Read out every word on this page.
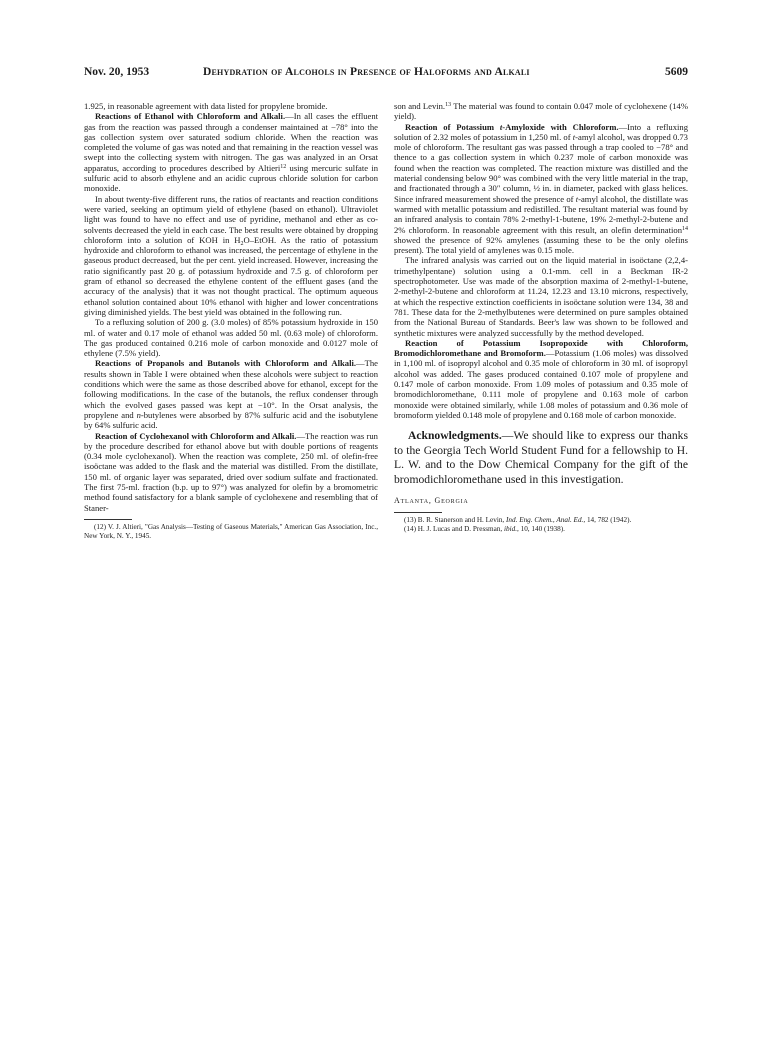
Nov. 20, 1953	Dehydration of Alcohols in Presence of Haloforms and Alkali	5609

1.925, in reasonable agreement with data listed for propylene bromide.

Reactions of Ethanol with Chloroform and Alkali.—In all cases the effluent gas from the reaction was passed through a condenser maintained at −78° into the gas collection system over saturated sodium chloride. When the reaction was completed the volume of gas was noted and that remaining in the reaction vessel was swept into the collecting system with nitrogen. The gas was analyzed in an Orsat apparatus, according to procedures described by Altieri$^{12}$ using mercuric sulfate in sulfuric acid to absorb ethylene and an acidic cuprous chloride solution for carbon monoxide.

In about twenty-five different runs, the ratios of reactants and reaction conditions were varied, seeking an optimum yield of ethylene (based on ethanol). Ultraviolet light was found to have no effect and use of pyridine, methanol and ether as co-solvents decreased the yield in each case. The best results were obtained by dropping chloroform into a solution of KOH in $H_2O$–EtOH. As the ratio of potassium hydroxide and chloroform to ethanol was increased, the percentage of ethylene in the gaseous product decreased, but the per cent. yield increased. However, increasing the ratio significantly past 20 g. of potassium hydroxide and 7.5 g. of chloroform per gram of ethanol so decreased the ethylene content of the effluent gases (and the accuracy of the analysis) that it was not thought practical. The optimum aqueous ethanol solution contained about 10% ethanol with higher and lower concentrations giving diminished yields. The best yield was obtained in the following run.

To a refluxing solution of 200 g. (3.0 moles) of 85% potassium hydroxide in 150 ml. of water and 0.17 mole of ethanol was added 50 ml. (0.63 mole) of chloroform. The gas produced contained 0.216 mole of carbon monoxide and 0.0127 mole of ethylene (7.5% yield).

Reactions of Propanols and Butanols with Chloroform and Alkali.—The results shown in Table I were obtained when these alcohols were subject to reaction conditions which were the same as those described above for ethanol, except for the following modifications. In the case of the butanols, the reflux condenser through which the evolved gases passed was kept at −10°. In the Orsat analysis, the propylene and n-butylenes were absorbed by 87% sulfuric acid and the isobutylene by 64% sulfuric acid.

Reaction of Cyclohexanol with Chloroform and Alkali.—The reaction was run by the procedure described for ethanol above but with double portions of reagents (0.34 mole cyclohexanol). When the reaction was complete, 250 ml. of olefin-free isoöctane was added to the flask and the material was distilled. From the distillate, 150 ml. of organic layer was separated, dried over sodium sulfate and fractionated. The first 75-ml. fraction (b.p. up to 97°) was analyzed for olefin by a bromometric method found satisfactory for a blank sample of cyclohexene and resembling that of Staner-

(12) V. J. Altieri, "Gas Analysis—Testing of Gaseous Materials," American Gas Association, Inc., New York, N. Y., 1945.

son and Levin.$^{13}$ The material was found to contain 0.047 mole of cyclohexene (14% yield).

Reaction of Potassium t-Amyloxide with Chloroform.—Into a refluxing solution of 2.32 moles of potassium in 1,250 ml. of t-amyl alcohol, was dropped 0.73 mole of chloroform. The resultant gas was passed through a trap cooled to −78° and thence to a gas collection system in which 0.237 mole of carbon monoxide was found when the reaction was completed. The reaction mixture was distilled and the material condensing below 90° was combined with the very little material in the trap, and fractionated through a 30″ column, ½ in. in diameter, packed with glass helices. Since infrared measurement showed the presence of t-amyl alcohol, the distillate was warmed with metallic potassium and redistilled. The resultant material was found by an infrared analysis to contain 78% 2-methyl-1-butene, 19% 2-methyl-2-butene and 2% chloroform. In reasonable agreement with this result, an olefin determination$^{14}$ showed the presence of 92% amylenes (assuming these to be the only olefins present). The total yield of amylenes was 0.15 mole.

The infrared analysis was carried out on the liquid material in isoöctane (2,2,4-trimethylpentane) solution using a 0.1-mm. cell in a Beckman IR-2 spectrophotometer. Use was made of the absorption maxima of 2-methyl-1-butene, 2-methyl-2-butene and chloroform at 11.24, 12.23 and 13.10 microns, respectively, at which the respective extinction coefficients in isoöctane solution were 134, 38 and 781. These data for the 2-methylbutenes were determined on pure samples obtained from the National Bureau of Standards. Beer's law was shown to be followed and synthetic mixtures were analyzed successfully by the method developed.

Reaction of Potassium Isopropoxide with Chloroform, Bromodichloromethane and Bromoform.—Potassium (1.06 moles) was dissolved in 1,100 ml. of isopropyl alcohol and 0.35 mole of chloroform in 30 ml. of isopropyl alcohol was added. The gases produced contained 0.107 mole of propylene and 0.147 mole of carbon monoxide. From 1.09 moles of potassium and 0.35 mole of bromodichloromethane, 0.111 mole of propylene and 0.163 mole of carbon monoxide were obtained similarly, while 1.08 moles of potassium and 0.36 mole of bromoform yielded 0.148 mole of propylene and 0.168 mole of carbon monoxide.

Acknowledgments.—We should like to express our thanks to the Georgia Tech World Student Fund for a fellowship to H. L. W. and to the Dow Chemical Company for the gift of the bromodichloromethane used in this investigation.

Atlanta, Georgia

(13) B. R. Stanerson and H. Levin, Ind. Eng. Chem., Anal. Ed., 14, 782 (1942).

(14) H. J. Lucas and D. Pressman, ibid., 10, 140 (1938).
